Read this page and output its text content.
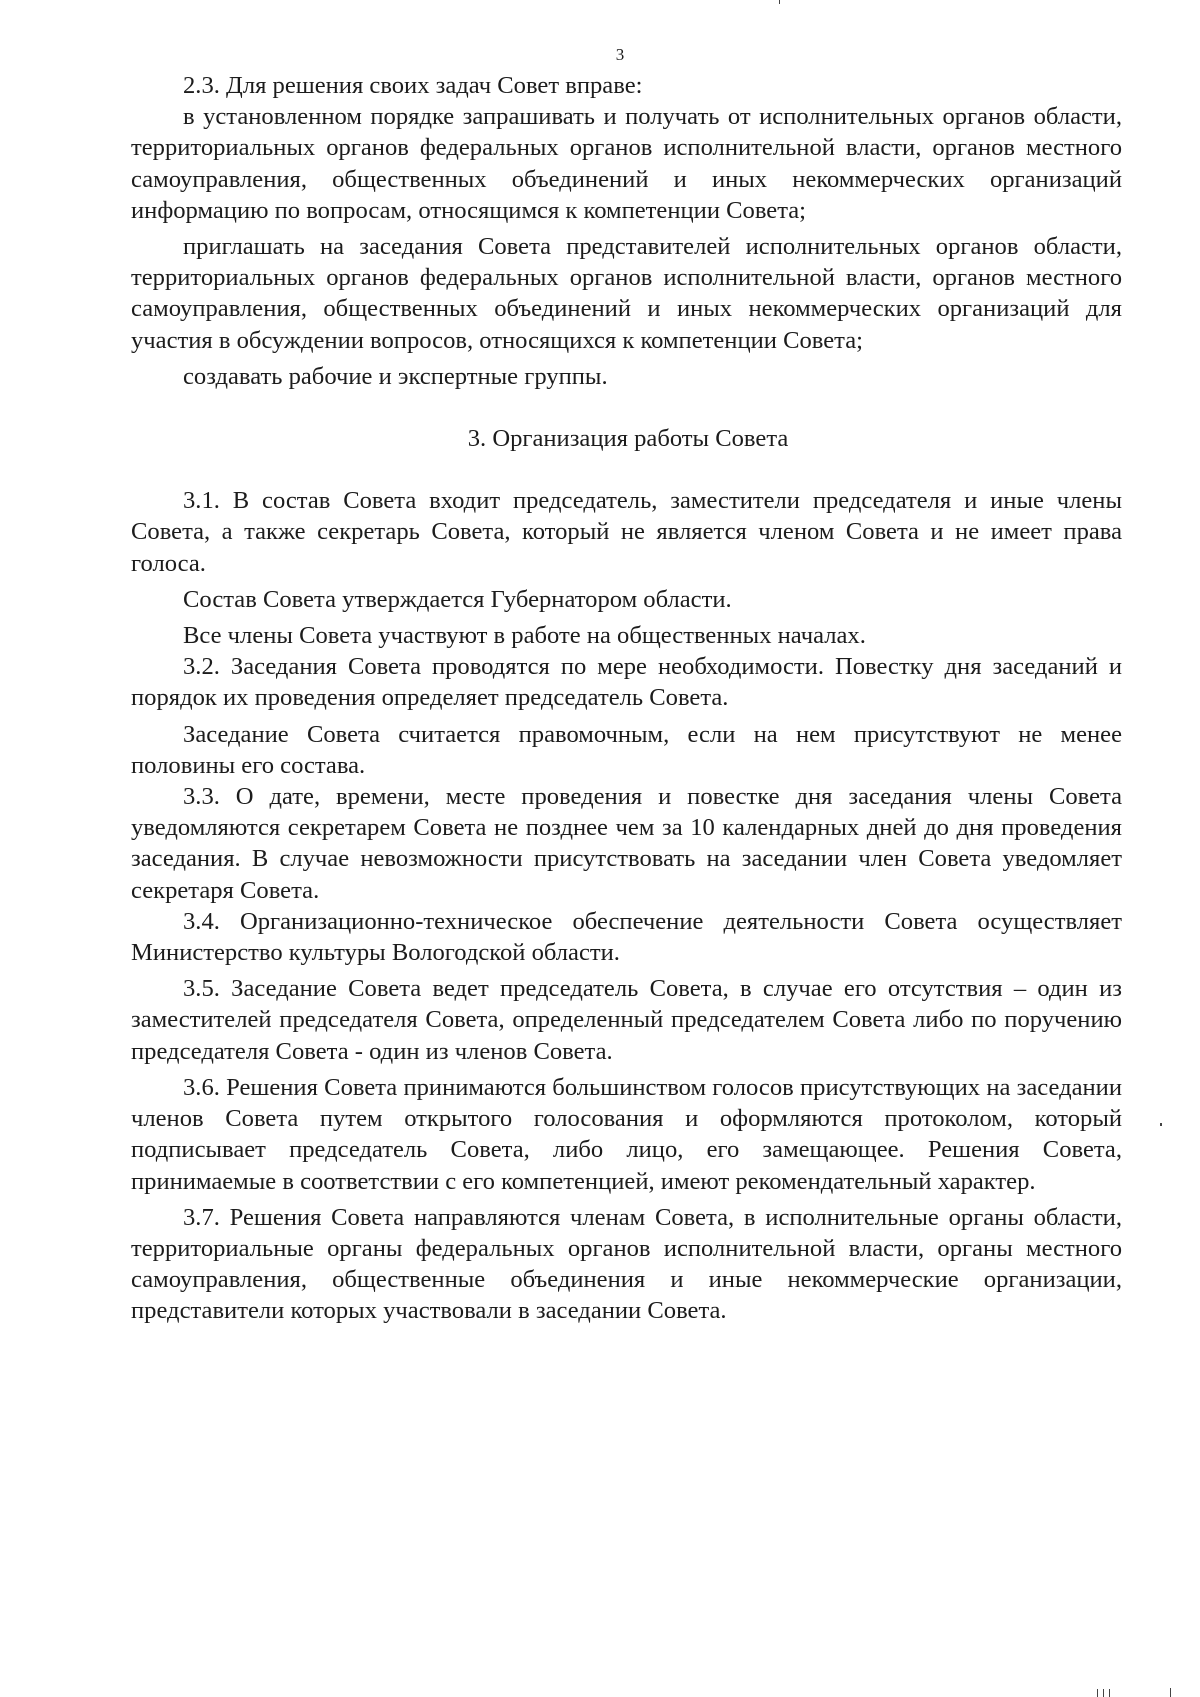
3

2.3. Для решения своих задач Совет вправе:

в установленном порядке запрашивать и получать от исполнительных органов области, территориальных органов федеральных органов исполнительной власти, органов местного самоуправления, общественных объединений и иных некоммерческих организаций информацию по вопросам, относящимся к компетенции Совета;

приглашать на заседания Совета представителей исполнительных органов области, территориальных органов федеральных органов исполнительной власти, органов местного самоуправления, общественных объединений и иных некоммерческих организаций для участия в обсуждении вопросов, относящихся к компетенции Совета;

создавать рабочие и экспертные группы.

3. Организация работы Совета

3.1. В состав Совета входит председатель, заместители председателя и иные члены Совета, а также секретарь Совета, который не является членом Совета и не имеет права голоса.

Состав Совета утверждается Губернатором области.

Все члены Совета участвуют в работе на общественных началах.

3.2. Заседания Совета проводятся по мере необходимости. Повестку дня заседаний и порядок их проведения определяет председатель Совета.

Заседание Совета считается правомочным, если на нем присутствуют не менее половины его состава.

3.3. О дате, времени, месте проведения и повестке дня заседания члены Совета уведомляются секретарем Совета не позднее чем за 10 календарных дней до дня проведения заседания. В случае невозможности присутствовать на заседании член Совета уведомляет секретаря Совета.

3.4. Организационно-техническое обеспечение деятельности Совета осуществляет Министерство культуры Вологодской области.

3.5. Заседание Совета ведет председатель Совета, в случае его отсутствия – один из заместителей председателя Совета, определенный председателем Совета либо по поручению председателя Совета - один из членов Совета.

3.6. Решения Совета принимаются большинством голосов присутствующих на заседании членов Совета путем открытого голосования и оформляются протоколом, который подписывает председатель Совета, либо лицо, его замещающее. Решения Совета, принимаемые в соответствии с его компетенцией, имеют рекомендательный характер.

3.7. Решения Совета направляются членам Совета, в исполнительные органы области, территориальные органы федеральных органов исполнительной власти, органы местного самоуправления, общественные объединения и иные некоммерческие организации, представители которых участвовали в заседании Совета.
